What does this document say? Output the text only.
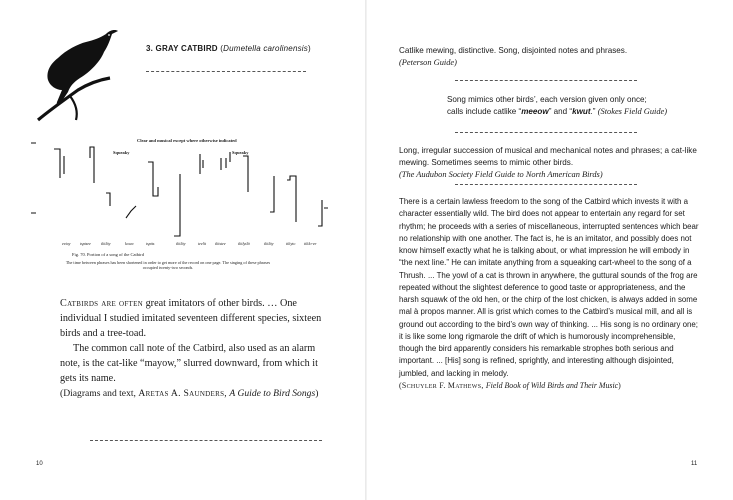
3. GRAY CATBIRD (Dumetella carolinensis)
Clear and musical except where otherwise indicated
Squeaky	Squeaky
eeiay tsptsee	tlitlity	kowa	tsptts	tlitlity	teelit tlitstee	tlitlytlit	tlitlity	tiltyto tiltlo-ee
Fig. 70. Portion of a song of the Catbird
The time between phrases has been shortened in order to get more of the record on one page. The singing of these phrases occupied twenty-two seconds.

Catbirds are often great imitators of other birds. … One individual I studied imitated seventeen different species, sixteen birds and a tree-toad.

The common call note of the Catbird, also used as an alarm note, is the cat-like “mayow,” slurred downward, from which it gets its name.

(Diagrams and text, Aretas A. Saunders, A Guide to Bird Songs)

10

Catlike mewing, distinctive. Song, disjointed notes and phrases.

(Peterson Guide)

Song mimics other birds’, each version given only once;

calls include catlike “meeow” and “kwut.” (Stokes Field Guide)

Long, irregular succession of musical and mechanical notes and phrases; a cat-like mewing. Sometimes seems to mimic other birds.

(The Audubon Society Field Guide to North American Birds)

There is a certain lawless freedom to the song of the Catbird which invests it with a character essentially wild. The bird does not appear to entertain any regard for set rhythm; he proceeds with a series of miscellaneous, interrupted sentences which bear no relationship with one another. The fact is, he is an imitator, and possibly does not know himself exactly what he is talking about, or what impression he will embody in “the next line.” He can imitate anything from a squeaking cart-wheel to the song of a Thrush. ... The yowl of a cat is thrown in anywhere, the guttural sounds of the frog are repeated without the slightest deference to good taste or appropriateness, and the harsh squawk of the old hen, or the chirp of the lost chicken, is always added in some mal à propos manner. All is grist which comes to the Catbird’s musical mill, and all is ground out according to the bird’s own way of thinking. ... His song is no ordinary one; it is like some long rigmarole the drift of which is humorously incomprehensible, though the bird apparently considers his remarkable strophes both serious and important. ... [His] song is refined, sprightly, and interesting although disjointed, jumbled, and lacking in melody.

(Schuyler F. Mathews, Field Book of Wild Birds and Their Music)

11
